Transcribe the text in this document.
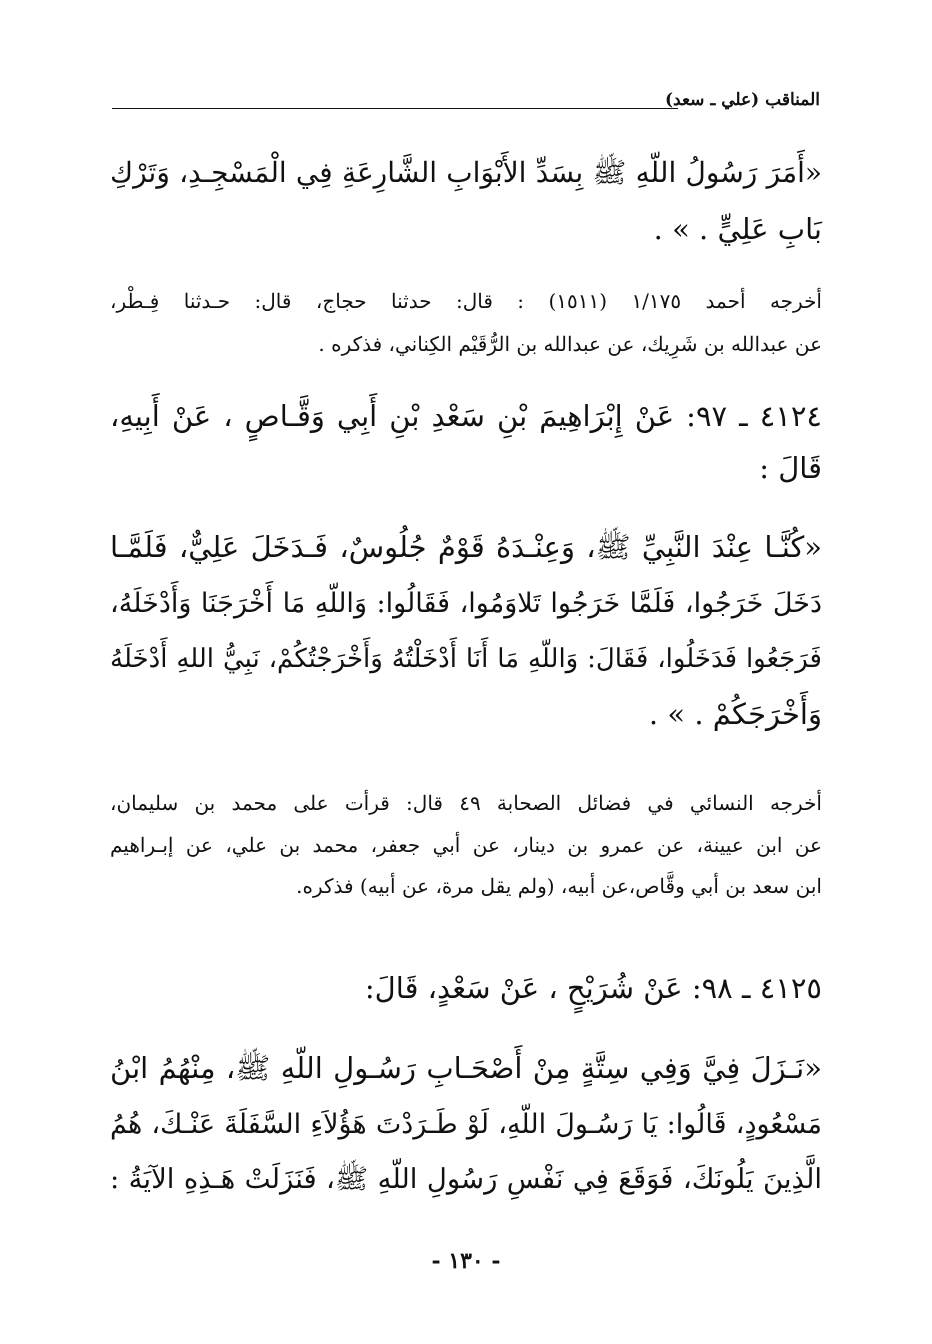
المناقب (علي ـ سعد)
«أَمَرَ رَسُولُ اللّهِ ﷺ بِسَدِّ الأَبْوَابِ الشَّارِعَةِ فِي الْمَسْجِـدِ، وَتَرْكِ
بَابِ عَلِيٍّ . » .
أخرجه أحمد ١/١٧٥ (١٥١١) : قال: حدثنا حجاج، قال: حـدثنا فِـطْر،
عن عبدالله بن شَرِيك، عن عبدالله بن الرُّقَيْم الكِناني، فذكره .
٤١٢٤ ـ ٩٧: عَنْ إِبْرَاهِيمَ بْنِ سَعْدِ بْنِ أَبِي وَقَّـاصٍ ، عَنْ أَبِيهِ،
قَالَ :
«كُنَّـا عِنْدَ النَّبِيِّ ﷺ، وَعِنْـدَهُ قَوْمٌ جُلُوسٌ، فَـدَخَلَ عَلِيٌّ، فَلَمَّـا
دَخَلَ خَرَجُوا، فَلَمَّا خَرَجُوا تَلاوَمُوا، فَقَالُوا: وَاللّهِ مَا أَخْرَجَنَا وَأَدْخَلَهُ،
فَرَجَعُوا فَدَخَلُوا، فَقَالَ: وَاللّهِ مَا أَنَا أَدْخَلْتُهُ وَأَخْرَجْتُكُمْ، نَبِيُّ اللهِ أَدْخَلَهُ
وَأَخْرَجَكُمْ . » .
أخرجه النسائي في فضائل الصحابة ٤٩ قال: قرأت على محمد بن سليمان،
عن ابن عيينة، عن عمرو بن دينار، عن أبي جعفر، محمد بن علي، عن إبـراهيم
ابن سعد بن أبي وقَّاص،عن أبيه، (ولم يقل مرة، عن أبيه) فذكره.
٤١٢٥ ـ ٩٨: عَنْ شُرَيْحٍ ، عَنْ سَعْدٍ، قَالَ:
«نَـزَلَ فِيَّ وَفِي سِتَّةٍ مِنْ أَصْحَـابِ رَسُـولِ اللّهِ ﷺ، مِنْهُمُ ابْنُ
مَسْعُودٍ، قَالُوا: يَا رَسُـولَ اللّهِ، لَوْ طَـرَدْتَ هَؤُلاَءِ السَّفَلَةَ عَنْـكَ، هُمُ
الَّذِينَ يَلُونَكَ، فَوَقَعَ فِي نَفْسِ رَسُولِ اللّهِ ﷺ، فَنَزَلَتْ هَـذِهِ الآيَةُ :
- ١٣٠ -
